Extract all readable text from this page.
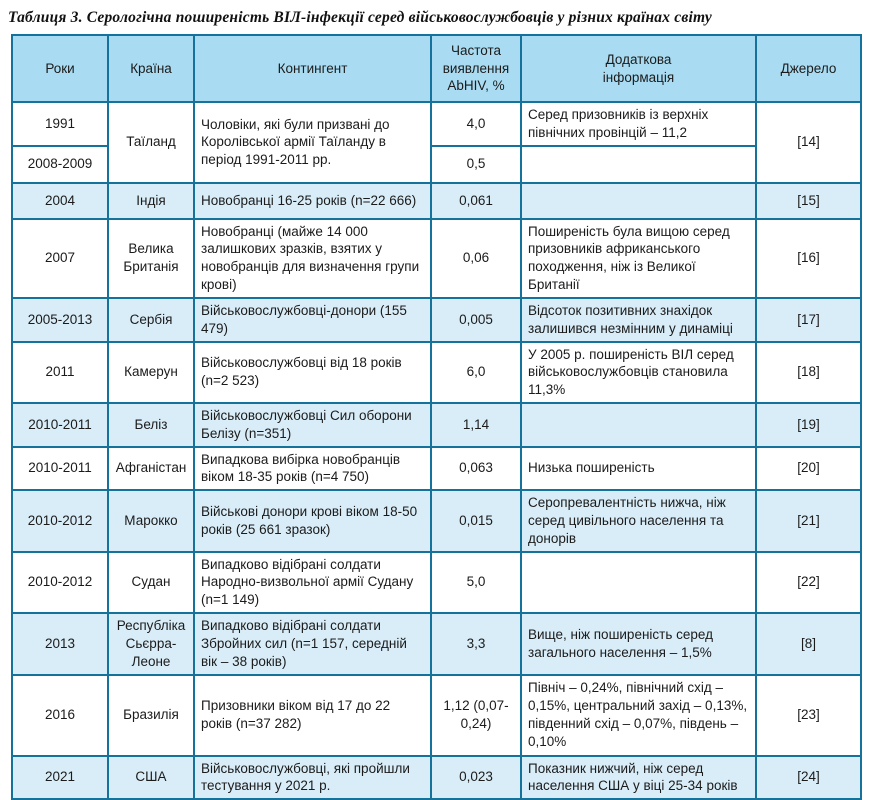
Таблиця 3. Серологічна поширеність ВІЛ-інфекції серед військовослужбовців у різних країнах світу
Роки	Країна	Контингент	Частота виявлення AbHIV, %	Додаткова інформація	Джерело
1991	Таїланд	Чоловіки, які були призвані до Королівської армії Таїланду в період 1991-2011 рр.	4,0	Серед призовників із верхніх північних провінцій – 11,2	[14]
2008-2009			0,5		
2004	Індія	Новобранці 16-25 років (n=22 666)	0,061		[15]
2007	Велика Британія	Новобранці (майже 14 000 залишкових зразків, взятих у новобранців для визначення групи крові)	0,06	Поширеність була вищою серед призовників африканського походження, ніж із Великої Британії	[16]
2005-2013	Сербія	Військовослужбовці-донори (155 479)	0,005	Відсоток позитивних знахідок залишився незмінним у динаміці	[17]
2011	Камерун	Військовослужбовці від 18 років (n=2 523)	6,0	У 2005 р. поширеність ВІЛ серед військовослужбовців становила 11,3%	[18]
2010-2011	Беліз	Військовослужбовці Сил оборони Белізу (n=351)	1,14		[19]
2010-2011	Афганістан	Випадкова вибірка новобранців віком 18-35 років (n=4 750)	0,063	Низька поширеність	[20]
2010-2012	Марокко	Військові донори крові віком 18-50 років (25 661 зразок)	0,015	Серопревалентність нижча, ніж серед цивільного населення та донорів	[21]
2010-2012	Судан	Випадково відібрані солдати Народно-визвольної армії Судану (n=1 149)	5,0		[22]
2013	Республіка Сьєрра-Леоне	Випадково відібрані солдати Збройних сил (n=1 157, середній вік – 38 років)	3,3	Вище, ніж поширеність серед загального населення – 1,5%	[8]
2016	Бразилія	Призовники віком від 17 до 22 років (n=37 282)	1,12 (0,07-0,24)	Північ – 0,24%, північний схід – 0,15%, центральний захід – 0,13%, південний схід – 0,07%, південь – 0,10%	[23]
2021	США	Військовослужбовці, які пройшли тестування у 2021 р.	0,023	Показник нижчий, ніж серед населення США у віці 25-34 років	[24]
